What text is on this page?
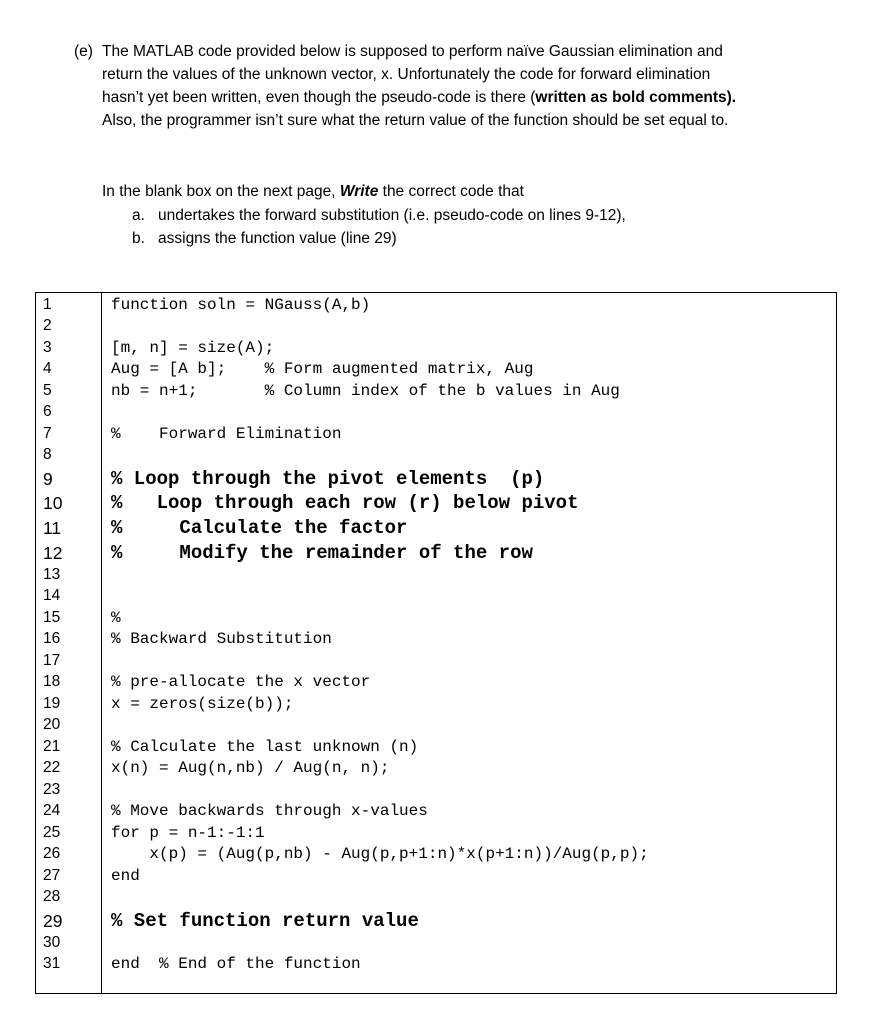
(e) The MATLAB code provided below is supposed to perform naïve Gaussian elimination and
return the values of the unknown vector, x. Unfortunately the code for forward elimination
hasn’t yet been written, even though the pseudo-code is there (written as bold comments).
Also, the programmer isn’t sure what the return value of the function should be set equal to.
In the blank box on the next page, Write the correct code that
a. undertakes the forward substitution (i.e. pseudo-code on lines 9-12),
b. assigns the function value (line 29)
1	function soln = NGauss(A,b)
2
3	[m, n] = size(A);
4	Aug = [A b];    % Form augmented matrix, Aug
5	nb = n+1;       % Column index of the b values in Aug
6
7	%    Forward Elimination
8
9	% Loop through the pivot elements  (p)
10	%   Loop through each row (r) below pivot
11	%     Calculate the factor
12	%     Modify the remainder of the row
13
14
15	%
16	% Backward Substitution
17
18	% pre-allocate the x vector
19	x = zeros(size(b));
20
21	% Calculate the last unknown (n)
22	x(n) = Aug(n,nb) / Aug(n, n);
23
24	% Move backwards through x-values
25	for p = n-1:-1:1
26	x(p) = (Aug(p,nb) - Aug(p,p+1:n)*x(p+1:n))/Aug(p,p);
27	end
28
29	% Set function return value
30
31	end  % End of the function
